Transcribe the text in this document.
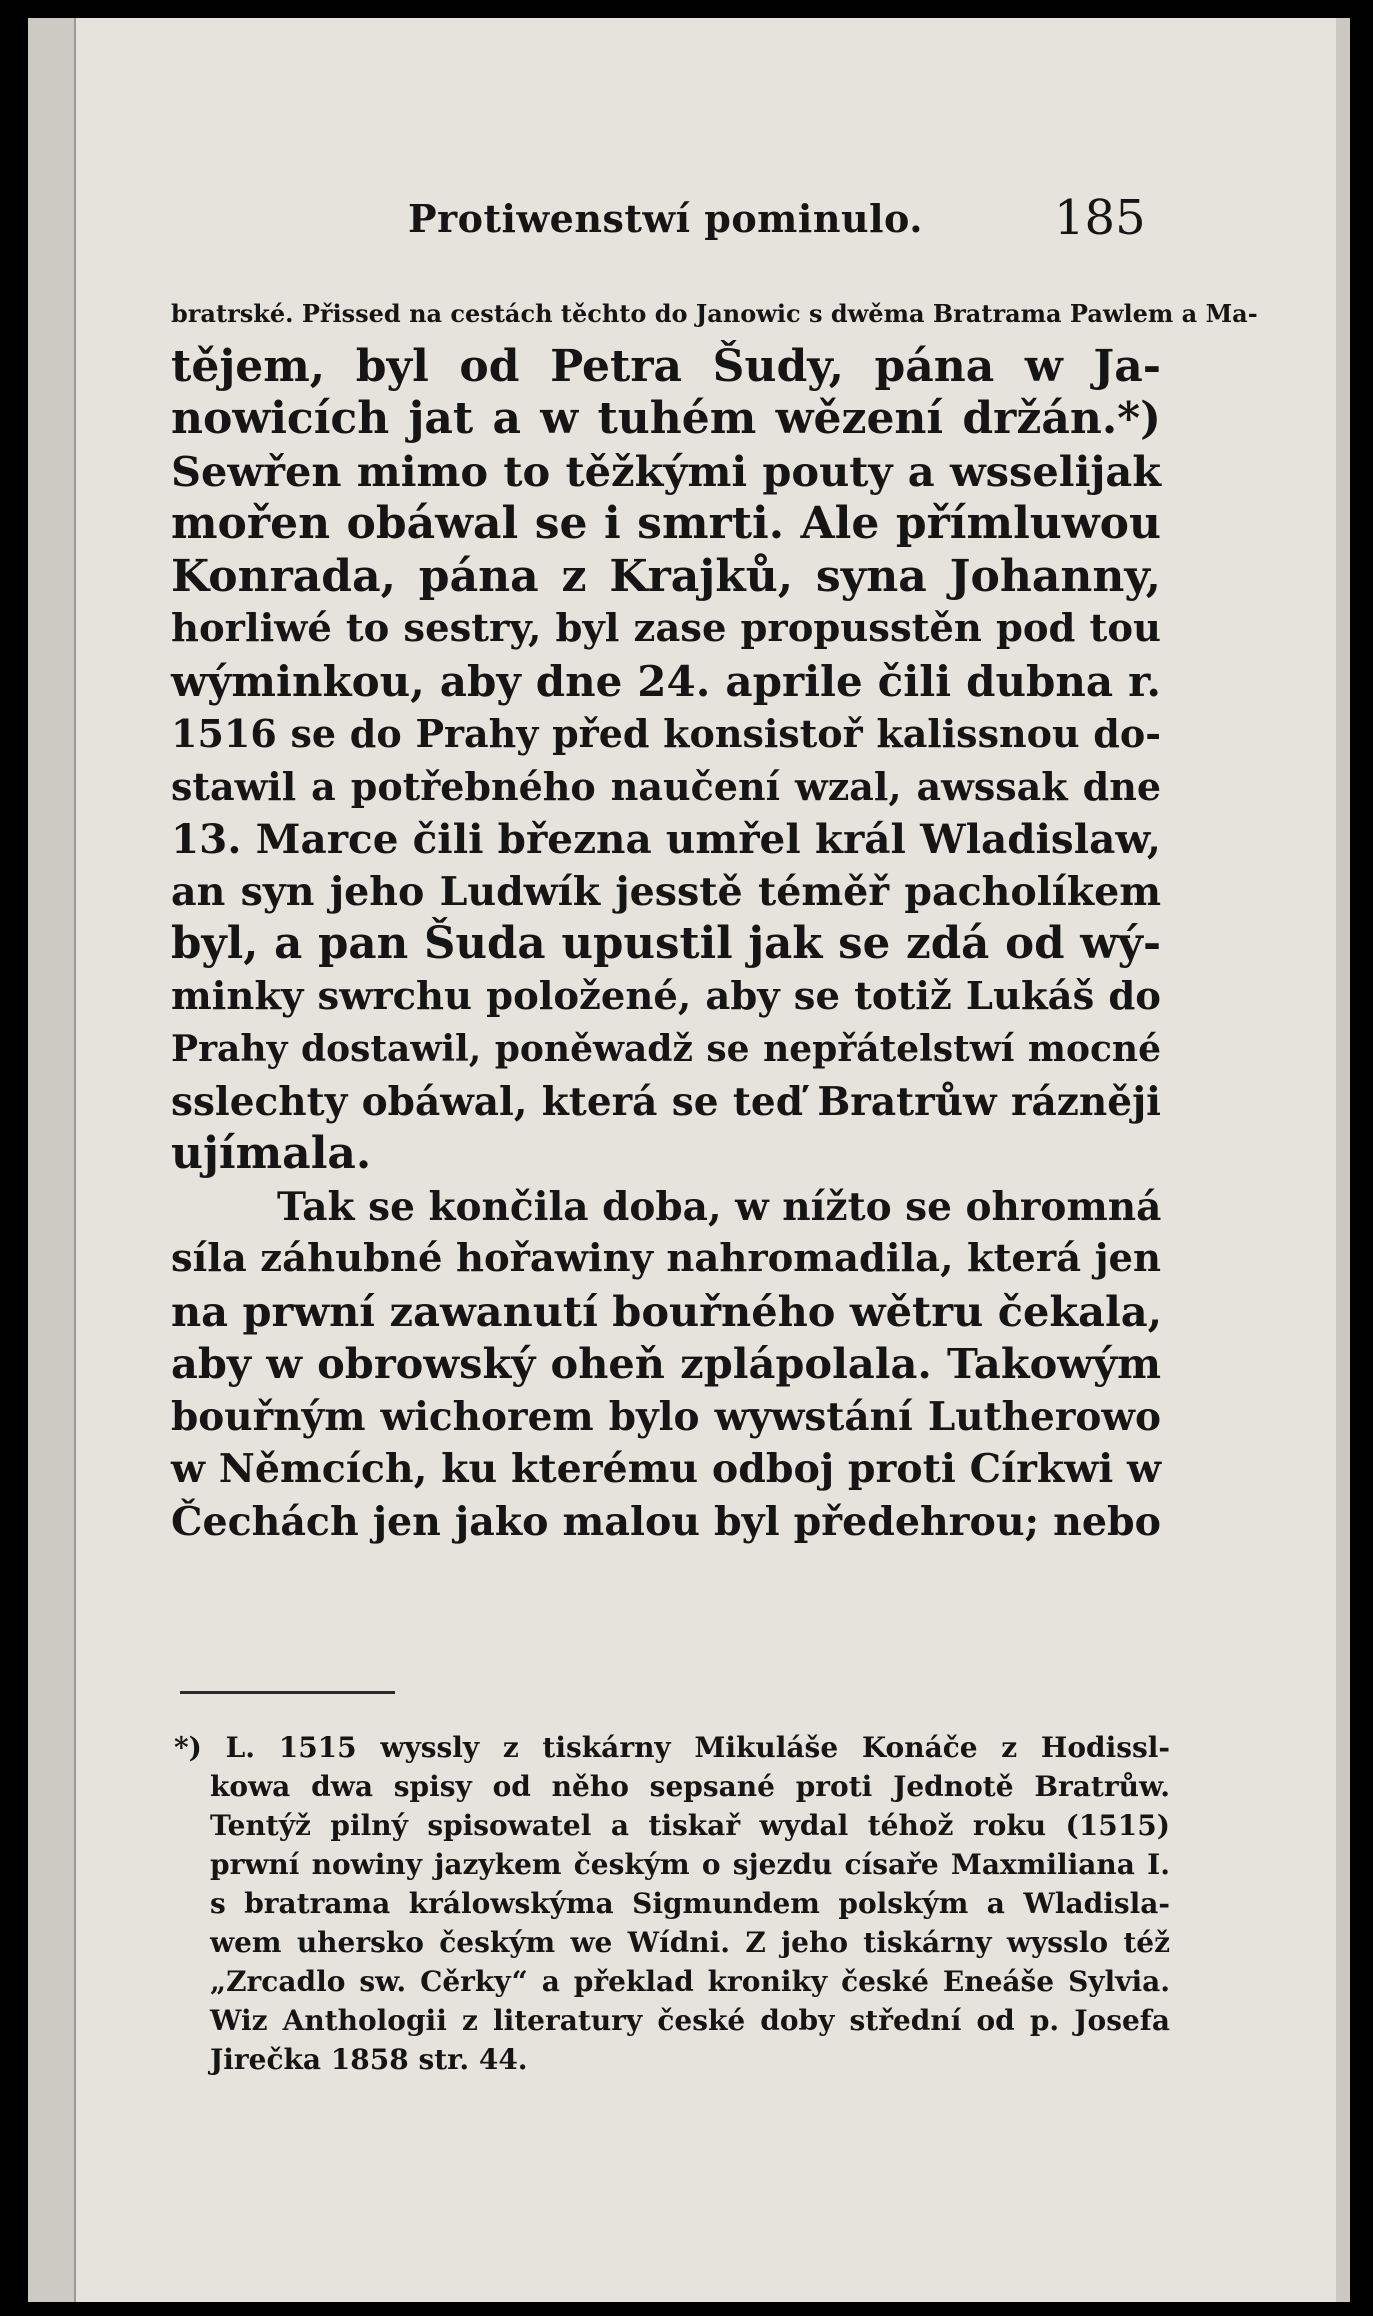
Protiwenstwí pominulo.	185
bratrské. Přissed na cestách těchto do Janowic s dwěma Bratrama Pawlem a Ma-
tějem, byl od Petra Šudy, pána w Ja-
nowicích jat a w tuhém wězení držán.*)
Sewřen mimo to těžkými pouty a wsselijak
mořen obáwal se i smrti. Ale přímluwou
Konrada, pána z Krajků, syna Johanny,
horliwé to sestry, byl zase propusstěn pod tou
wýminkou, aby dne 24. aprile čili dubna r.
1516 se do Prahy před konsistoř kalissnou do-
stawil a potřebného naučení wzal, awssak dne
13. Marce čili března umřel král Wladislaw,
an syn jeho Ludwík jesstě téměř pacholíkem
byl, a pan Šuda upustil jak se zdá od wý-
minky swrchu položené, aby se totiž Lukáš do
Prahy dostawil, poněwadž se nepřátelstwí mocné
sslechty obáwal, která se teď Bratrůw rázněji
ujímala.
Tak se končila doba, w nížto se ohromná
síla záhubné hořawiny nahromadila, která jen
na prwní zawanutí bouřného wětru čekala,
aby w obrowský oheň zplápolala. Takowým
bouřným wichorem bylo wywstání Lutherowo
w Němcích, ku kterému odboj proti Církwi w
Čechách jen jako malou byl předehrou; nebo
*) L. 1515 wyssly z tiskárny Mikuláše Konáče z Hodissl-
kowa dwa spisy od něho sepsané proti Jednotě Bratrůw.
Tentýž pilný spisowatel a tiskař wydal téhož roku (1515)
prwní nowiny jazykem českým o sjezdu císaře Maxmiliana I.
s bratrama králowskýma Sigmundem polským a Wladisla-
wem uhersko českým we Wídni. Z jeho tiskárny wysslo též
„Zrcadlo sw. Cěrky“ a překlad kroniky české Eneáše Sylvia.
Wiz Anthologii z literatury české doby střední od p. Josefa
Jirečka 1858 str. 44.
